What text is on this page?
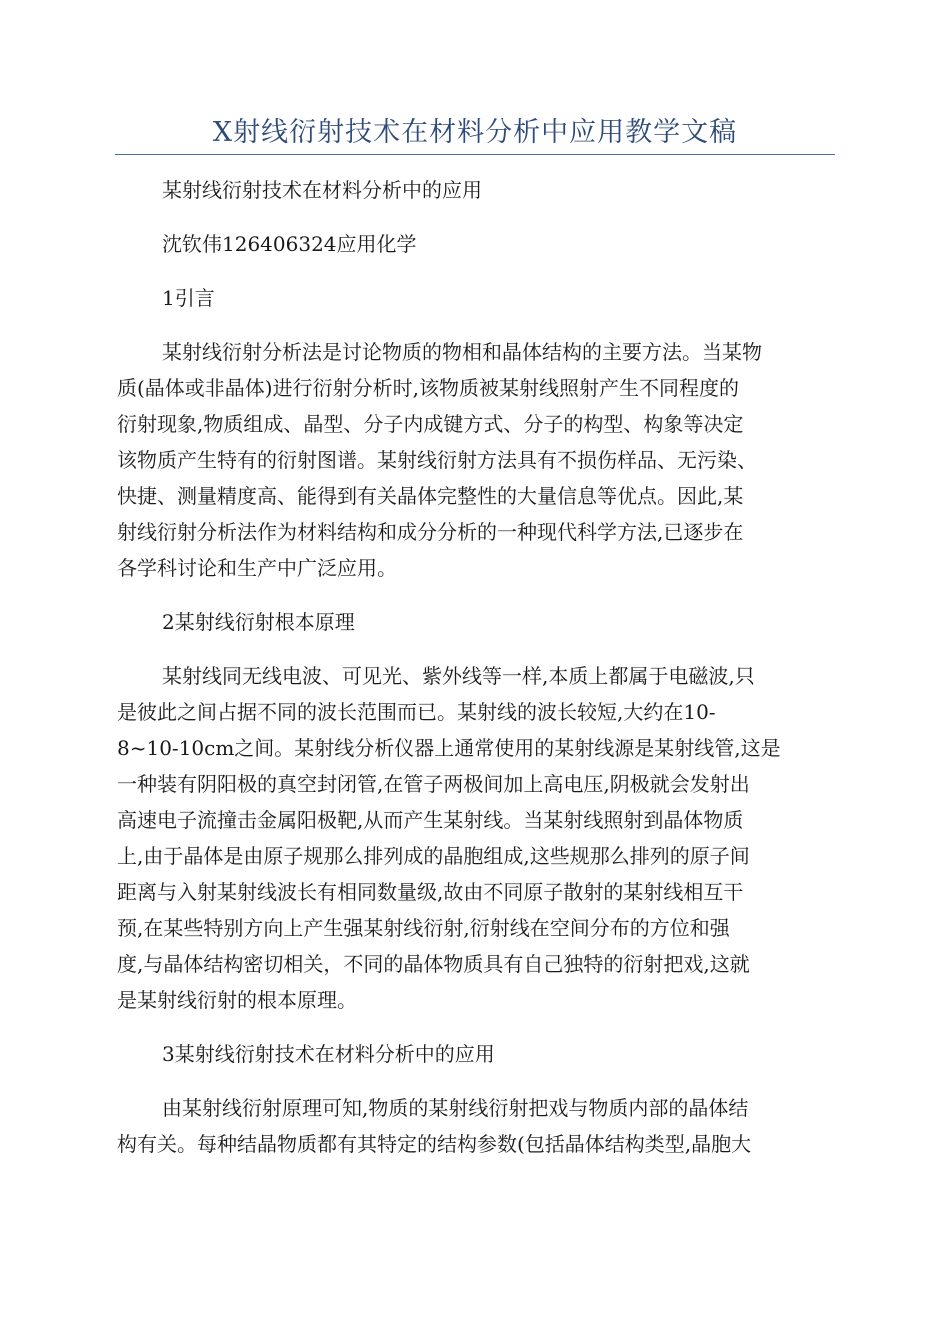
X射线衍射技术在材料分析中应用教学文稿

某射线衍射技术在材料分析中的应用

沈钦伟126406324应用化学

1引言

某射线衍射分析法是讨论物质的物相和晶体结构的主要方法。当某物
质(晶体或非晶体)进行衍射分析时,该物质被某射线照射产生不同程度的
衍射现象,物质组成、晶型、分子内成键方式、分子的构型、构象等决定
该物质产生特有的衍射图谱。某射线衍射方法具有不损伤样品、无污染、
快捷、测量精度高、能得到有关晶体完整性的大量信息等优点。因此,某
射线衍射分析法作为材料结构和成分分析的一种现代科学方法,已逐步在
各学科讨论和生产中广泛应用。

2某射线衍射根本原理

某射线同无线电波、可见光、紫外线等一样,本质上都属于电磁波,只
是彼此之间占据不同的波长范围而已。某射线的波长较短,大约在10-
8~10-10cm之间。某射线分析仪器上通常使用的某射线源是某射线管,这是
一种装有阴阳极的真空封闭管,在管子两极间加上高电压,阴极就会发射出
高速电子流撞击金属阳极靶,从而产生某射线。当某射线照射到晶体物质
上,由于晶体是由原子规那么排列成的晶胞组成,这些规那么排列的原子间
距离与入射某射线波长有相同数量级,故由不同原子散射的某射线相互干
预,在某些特别方向上产生强某射线衍射,衍射线在空间分布的方位和强
度,与晶体结构密切相关，不同的晶体物质具有自己独特的衍射把戏,这就
是某射线衍射的根本原理。

3某射线衍射技术在材料分析中的应用

由某射线衍射原理可知,物质的某射线衍射把戏与物质内部的晶体结
构有关。每种结晶物质都有其特定的结构参数(包括晶体结构类型,晶胞大
